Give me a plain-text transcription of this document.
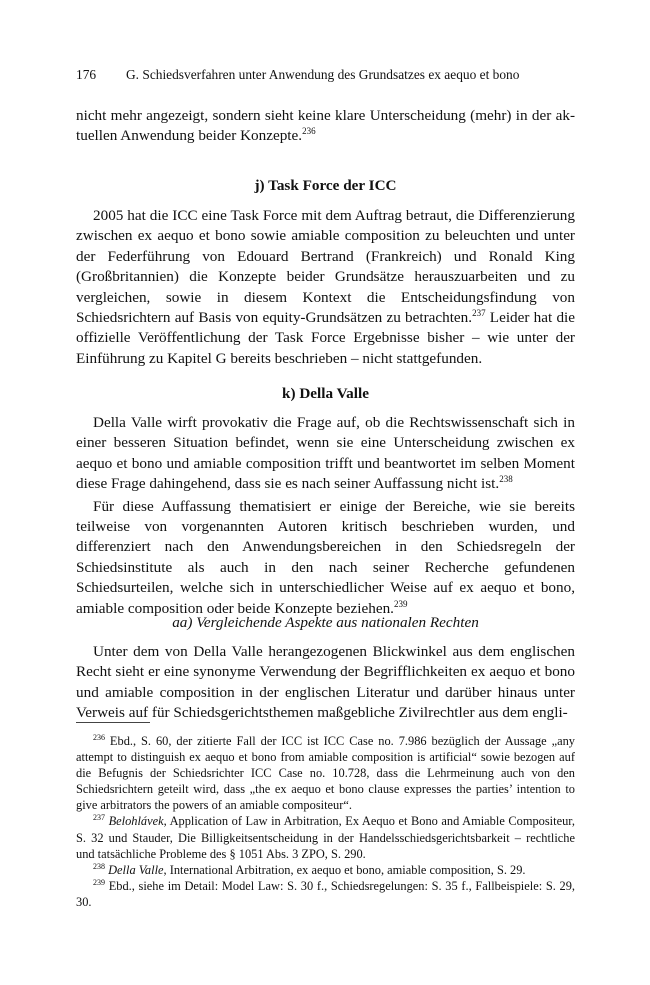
176 G. Schiedsverfahren unter Anwendung des Grundsatzes ex aequo et bono

nicht mehr angezeigt, sondern sieht keine klare Unterscheidung (mehr) in der aktuellen Anwendung beider Konzepte.$^{236}$

j) Task Force der ICC

2005 hat die ICC eine Task Force mit dem Auftrag betraut, die Differenzierung zwischen ex aequo et bono sowie amiable composition zu beleuchten und unter der Federführung von Edouard Bertrand (Frankreich) und Ronald King (Großbritannien) die Konzepte beider Grundsätze herauszuarbeiten und zu vergleichen, sowie in diesem Kontext die Entscheidungsfindung von Schiedsrichtern auf Basis von equity-Grundsätzen zu betrachten.$^{237}$ Leider hat die offizielle Veröffentlichung der Task Force Ergebnisse bisher – wie unter der Einführung zu Kapitel G bereits beschrieben – nicht stattgefunden.

k) Della Valle

Della Valle wirft provokativ die Frage auf, ob die Rechtswissenschaft sich in einer besseren Situation befindet, wenn sie eine Unterscheidung zwischen ex aequo et bono und amiable composition trifft und beantwortet im selben Moment diese Frage dahingehend, dass sie es nach seiner Auffassung nicht ist.$^{238}$

Für diese Auffassung thematisiert er einige der Bereiche, wie sie bereits teilweise von vorgenannten Autoren kritisch beschrieben wurden, und differenziert nach den Anwendungsbereichen in den Schiedsregeln der Schiedsinstitute als auch in den nach seiner Recherche gefundenen Schiedsurteilen, welche sich in unterschiedlicher Weise auf ex aequo et bono, amiable composition oder beide Konzepte beziehen.$^{239}$

aa) Vergleichende Aspekte aus nationalen Rechten

Unter dem von Della Valle herangezogenen Blickwinkel aus dem englischen Recht sieht er eine synonyme Verwendung der Begrifflichkeiten ex aequo et bono und amiable composition in der englischen Literatur und darüber hinaus unter Verweis auf für Schiedsgerichtsthemen maßgebliche Zivilrechtler aus dem engli-

$^{236}$ Ebd., S. 60, der zitierte Fall der ICC ist ICC Case no. 7.986 bezüglich der Aussage „any attempt to distinguish ex aequo et bono from amiable composition is artificial“ sowie bezogen auf die Befugnis der Schiedsrichter ICC Case no. 10.728, dass die Lehrmeinung auch von den Schiedsrichtern geteilt wird, dass „the ex aequo et bono clause expresses the parties’ intention to give arbitrators the powers of an amiable compositeur“.

$^{237}$ Belohlávek, Application of Law in Arbitration, Ex Aequo et Bono and Amiable Compositeur, S. 32 und Stauder, Die Billigkeitsentscheidung in der Handelsschiedsgerichtsbarkeit – rechtliche und tatsächliche Probleme des § 1051 Abs. 3 ZPO, S. 290.

$^{238}$ Della Valle, International Arbitration, ex aequo et bono, amiable composition, S. 29.

$^{239}$ Ebd., siehe im Detail: Model Law: S. 30 f., Schiedsregelungen: S. 35 f., Fallbeispiele: S. 29, 30.
